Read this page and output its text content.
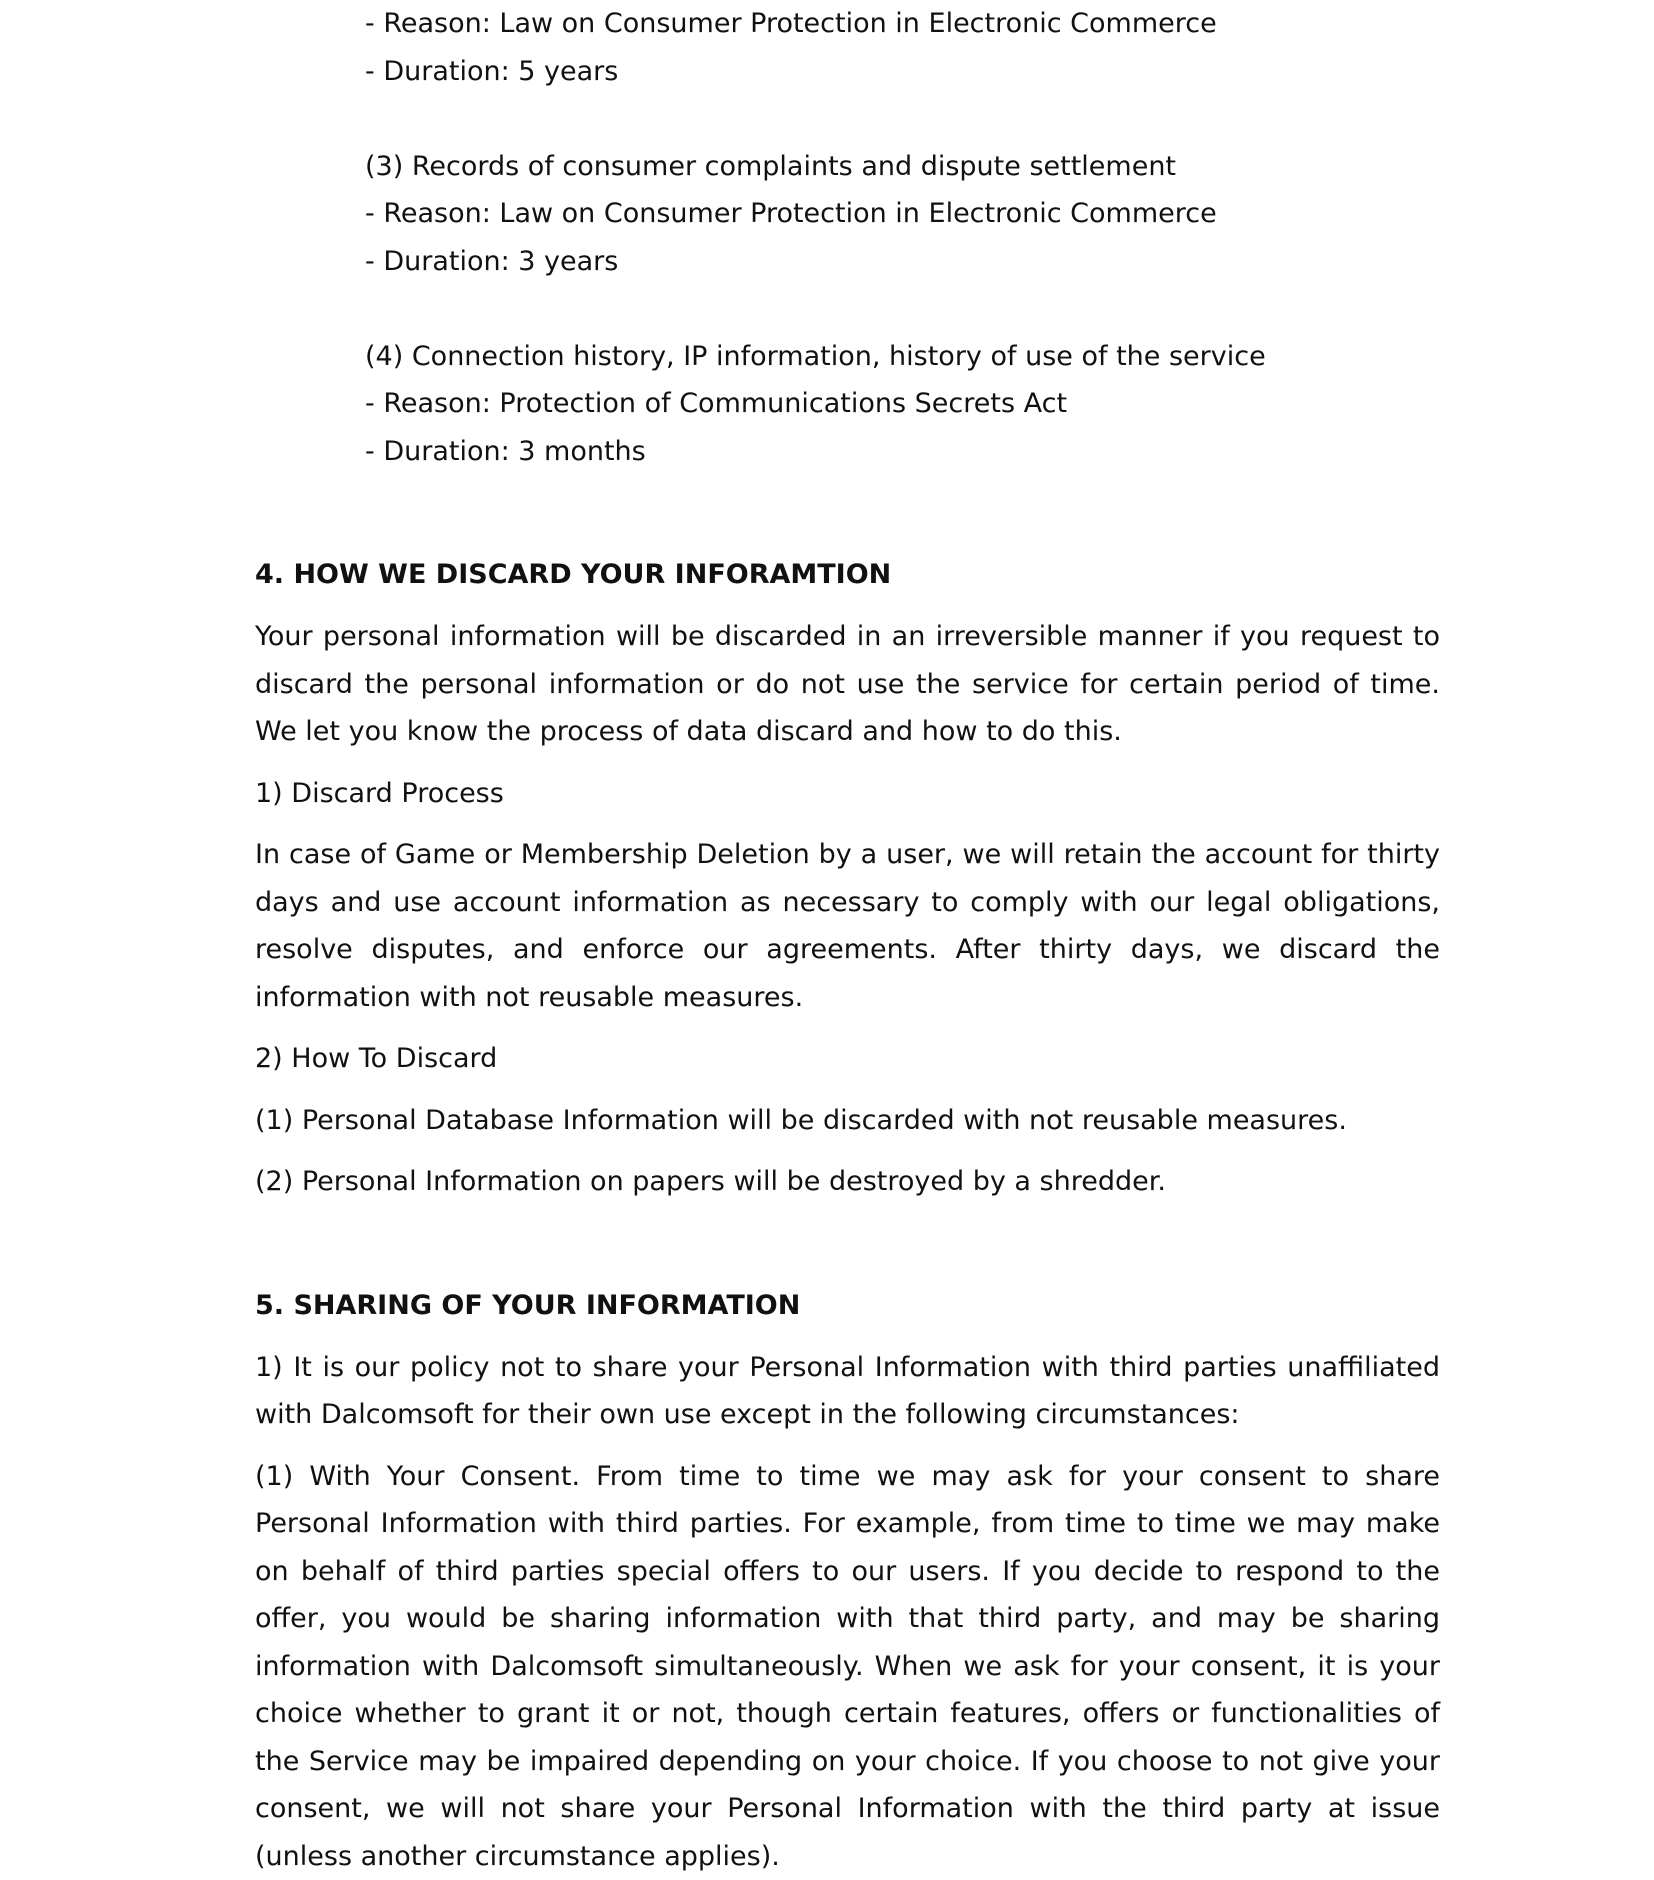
- Reason: Law on Consumer Protection in Electronic Commerce
- Duration: 5 years
(3) Records of consumer complaints and dispute settlement
- Reason: Law on Consumer Protection in Electronic Commerce
- Duration: 3 years
(4) Connection history, IP information, history of use of the service
- Reason: Protection of Communications Secrets Act
- Duration: 3 months
4. HOW WE DISCARD YOUR INFORAMTION

Your personal information will be discarded in an irreversible manner if you request to discard the personal information or do not use the service for certain period of time. We let you know the process of data discard and how to do this.

1) Discard Process

In case of Game or Membership Deletion by a user, we will retain the account for thirty days and use account information as necessary to comply with our legal obligations, resolve disputes, and enforce our agreements. After thirty days, we discard the information with not reusable measures.

2) How To Discard

(1) Personal Database Information will be discarded with not reusable measures.

(2) Personal Information on papers will be destroyed by a shredder.

5. SHARING OF YOUR INFORMATION

1) It is our policy not to share your Personal Information with third parties unaffiliated with Dalcomsoft for their own use except in the following circumstances:

(1) With Your Consent. From time to time we may ask for your consent to share Personal Information with third parties. For example, from time to time we may make on behalf of third parties special offers to our users. If you decide to respond to the offer, you would be sharing information with that third party, and may be sharing information with Dalcomsoft simultaneously. When we ask for your consent, it is your choice whether to grant it or not, though certain features, offers or functionalities of the Service may be impaired depending on your choice. If you choose to not give your consent, we will not share your Personal Information with the third party at issue (unless another circumstance applies).
